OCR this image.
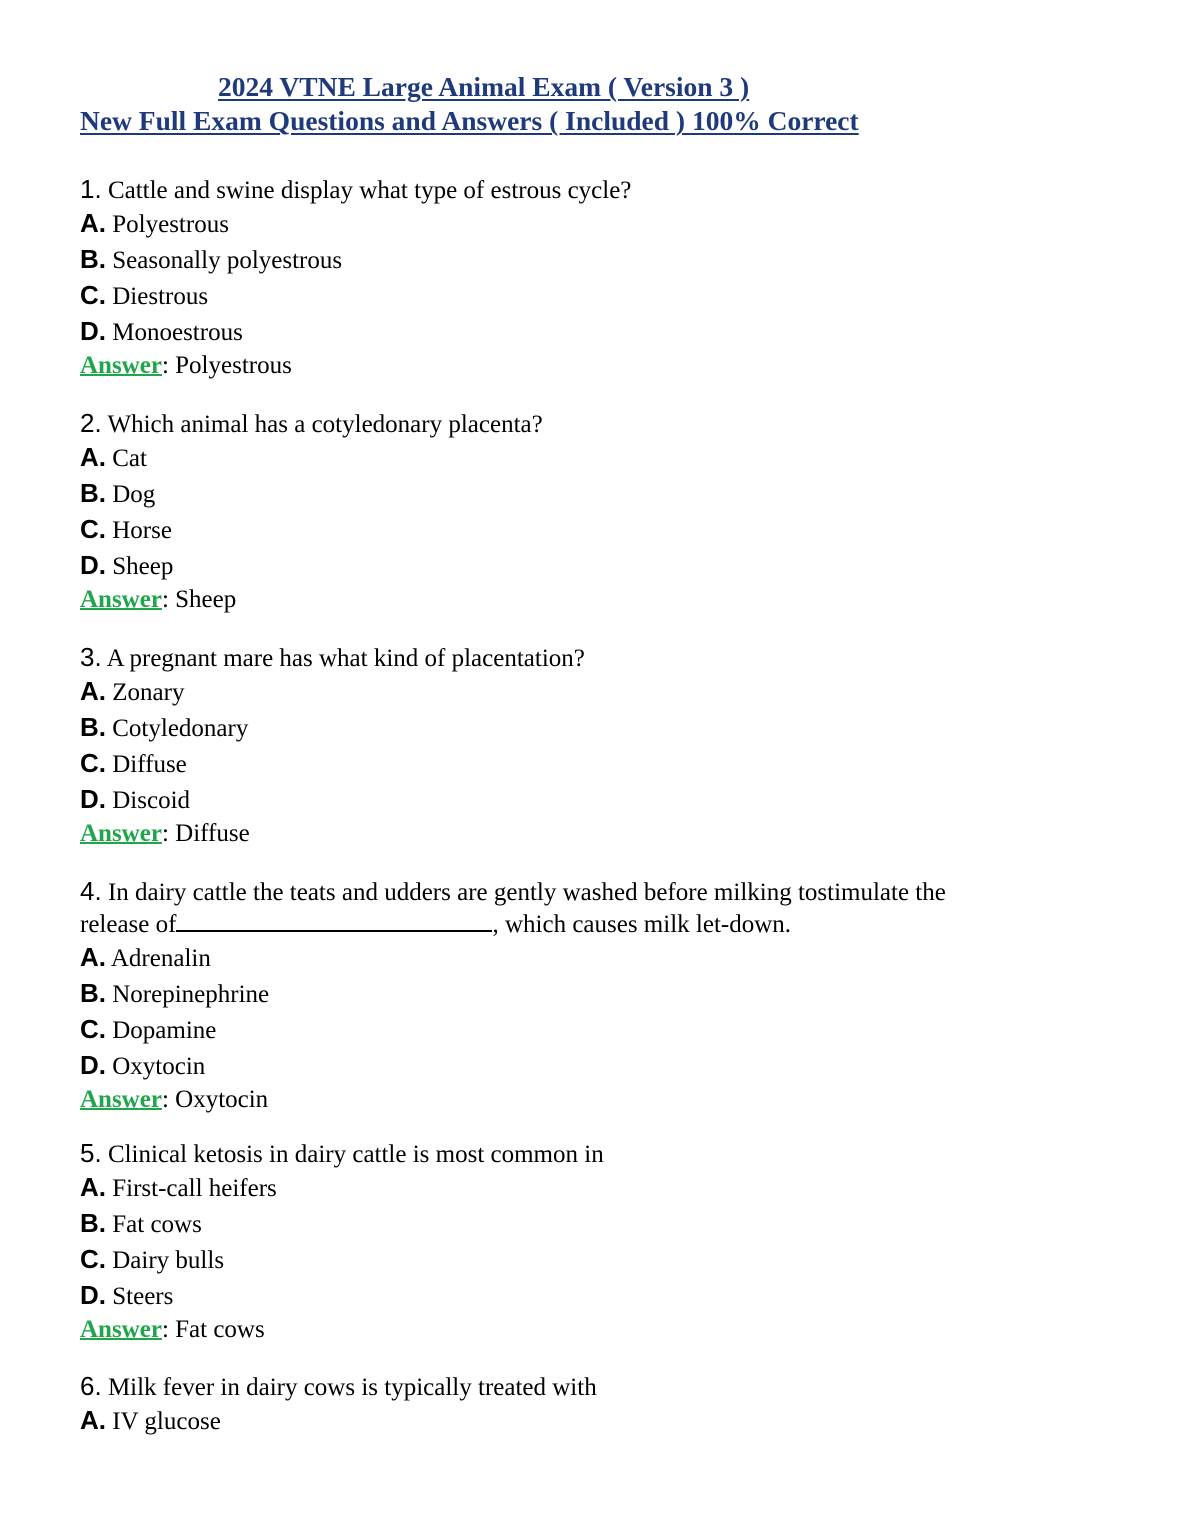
2024 VTNE Large Animal Exam ( Version 3 )

New Full Exam Questions and Answers ( Included ) 100% Correct

1. Cattle and swine display what type of estrous cycle?

A. Polyestrous

B. Seasonally polyestrous

C. Diestrous

D. Monoestrous

Answer: Polyestrous

2. Which animal has a cotyledonary placenta?

A. Cat

B. Dog

C. Horse

D. Sheep

Answer: Sheep

3. A pregnant mare has what kind of placentation?

A. Zonary

B. Cotyledonary

C. Diffuse

D. Discoid

Answer: Diffuse

4. In dairy cattle the teats and udders are gently washed before milking tostimulate the

release of	, which causes milk let-down.

A. Adrenalin

B. Norepinephrine

C. Dopamine

D. Oxytocin

Answer: Oxytocin

5. Clinical ketosis in dairy cattle is most common in

A. First-call heifers

B. Fat cows

C. Dairy bulls

D. Steers

Answer: Fat cows

6. Milk fever in dairy cows is typically treated with

A. IV glucose
